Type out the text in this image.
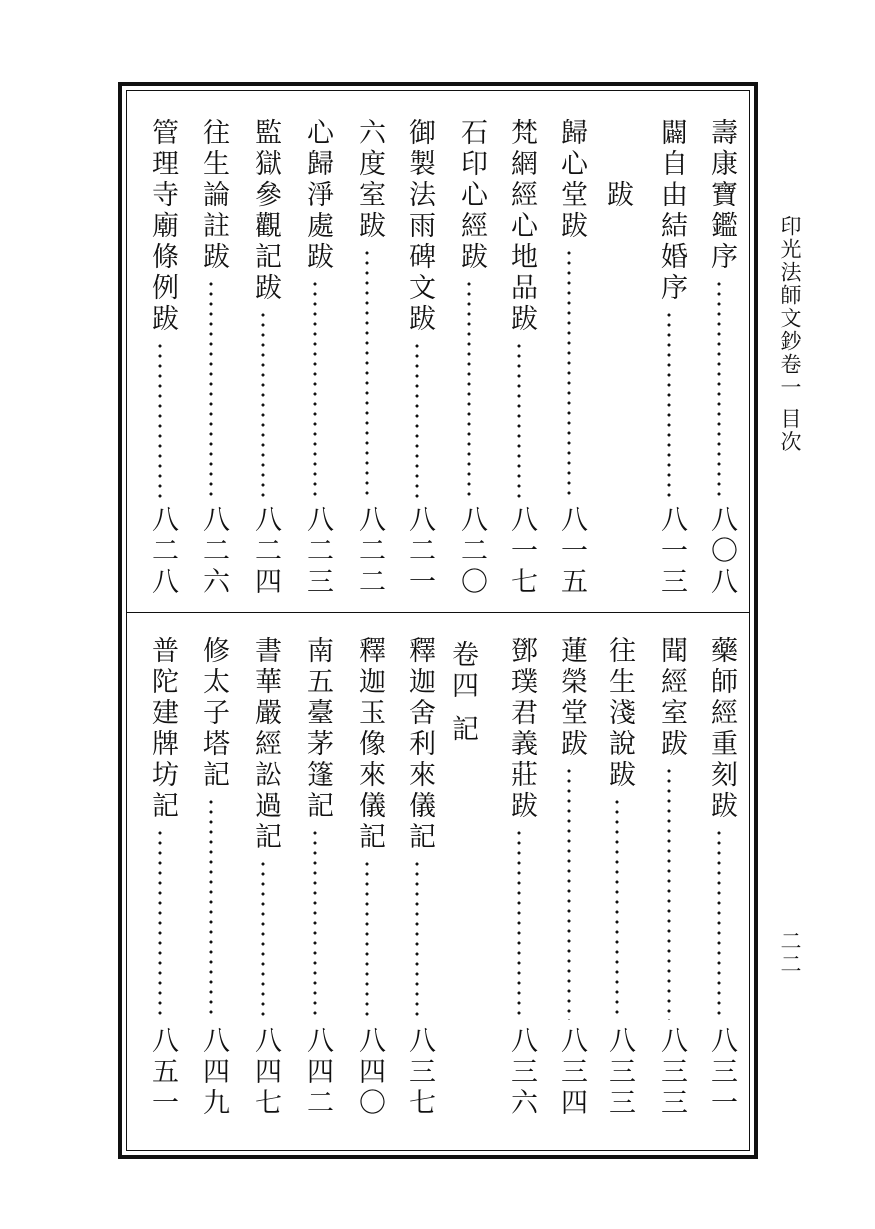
印光法師文鈔卷一 目次
二二
壽康寶鑑序
八〇八
闢自由結婚序
八一三
歸心堂跋
八一五
梵網經心地品跋
八一七
石印心經跋
八二〇
御製法雨碑文跋
八二一
六度室跋
八二二
心歸淨處跋
八二三
監獄參觀記跋
八二四
往生論註跋
八二六
管理寺廟條例跋
八二八
藥師經重刻跋
八三一
聞經室跋
八三三
往生淺說跋
八三三
蓮榮堂跋
八三四
鄧璞君義莊跋
八三六
釋迦舍利來儀記
八三七
釋迦玉像來儀記
八四〇
南五臺茅篷記
八四二
書華嚴經訟過記
八四七
修太子塔記
八四九
普陀建牌坊記
八五一
跋
卷四 記
